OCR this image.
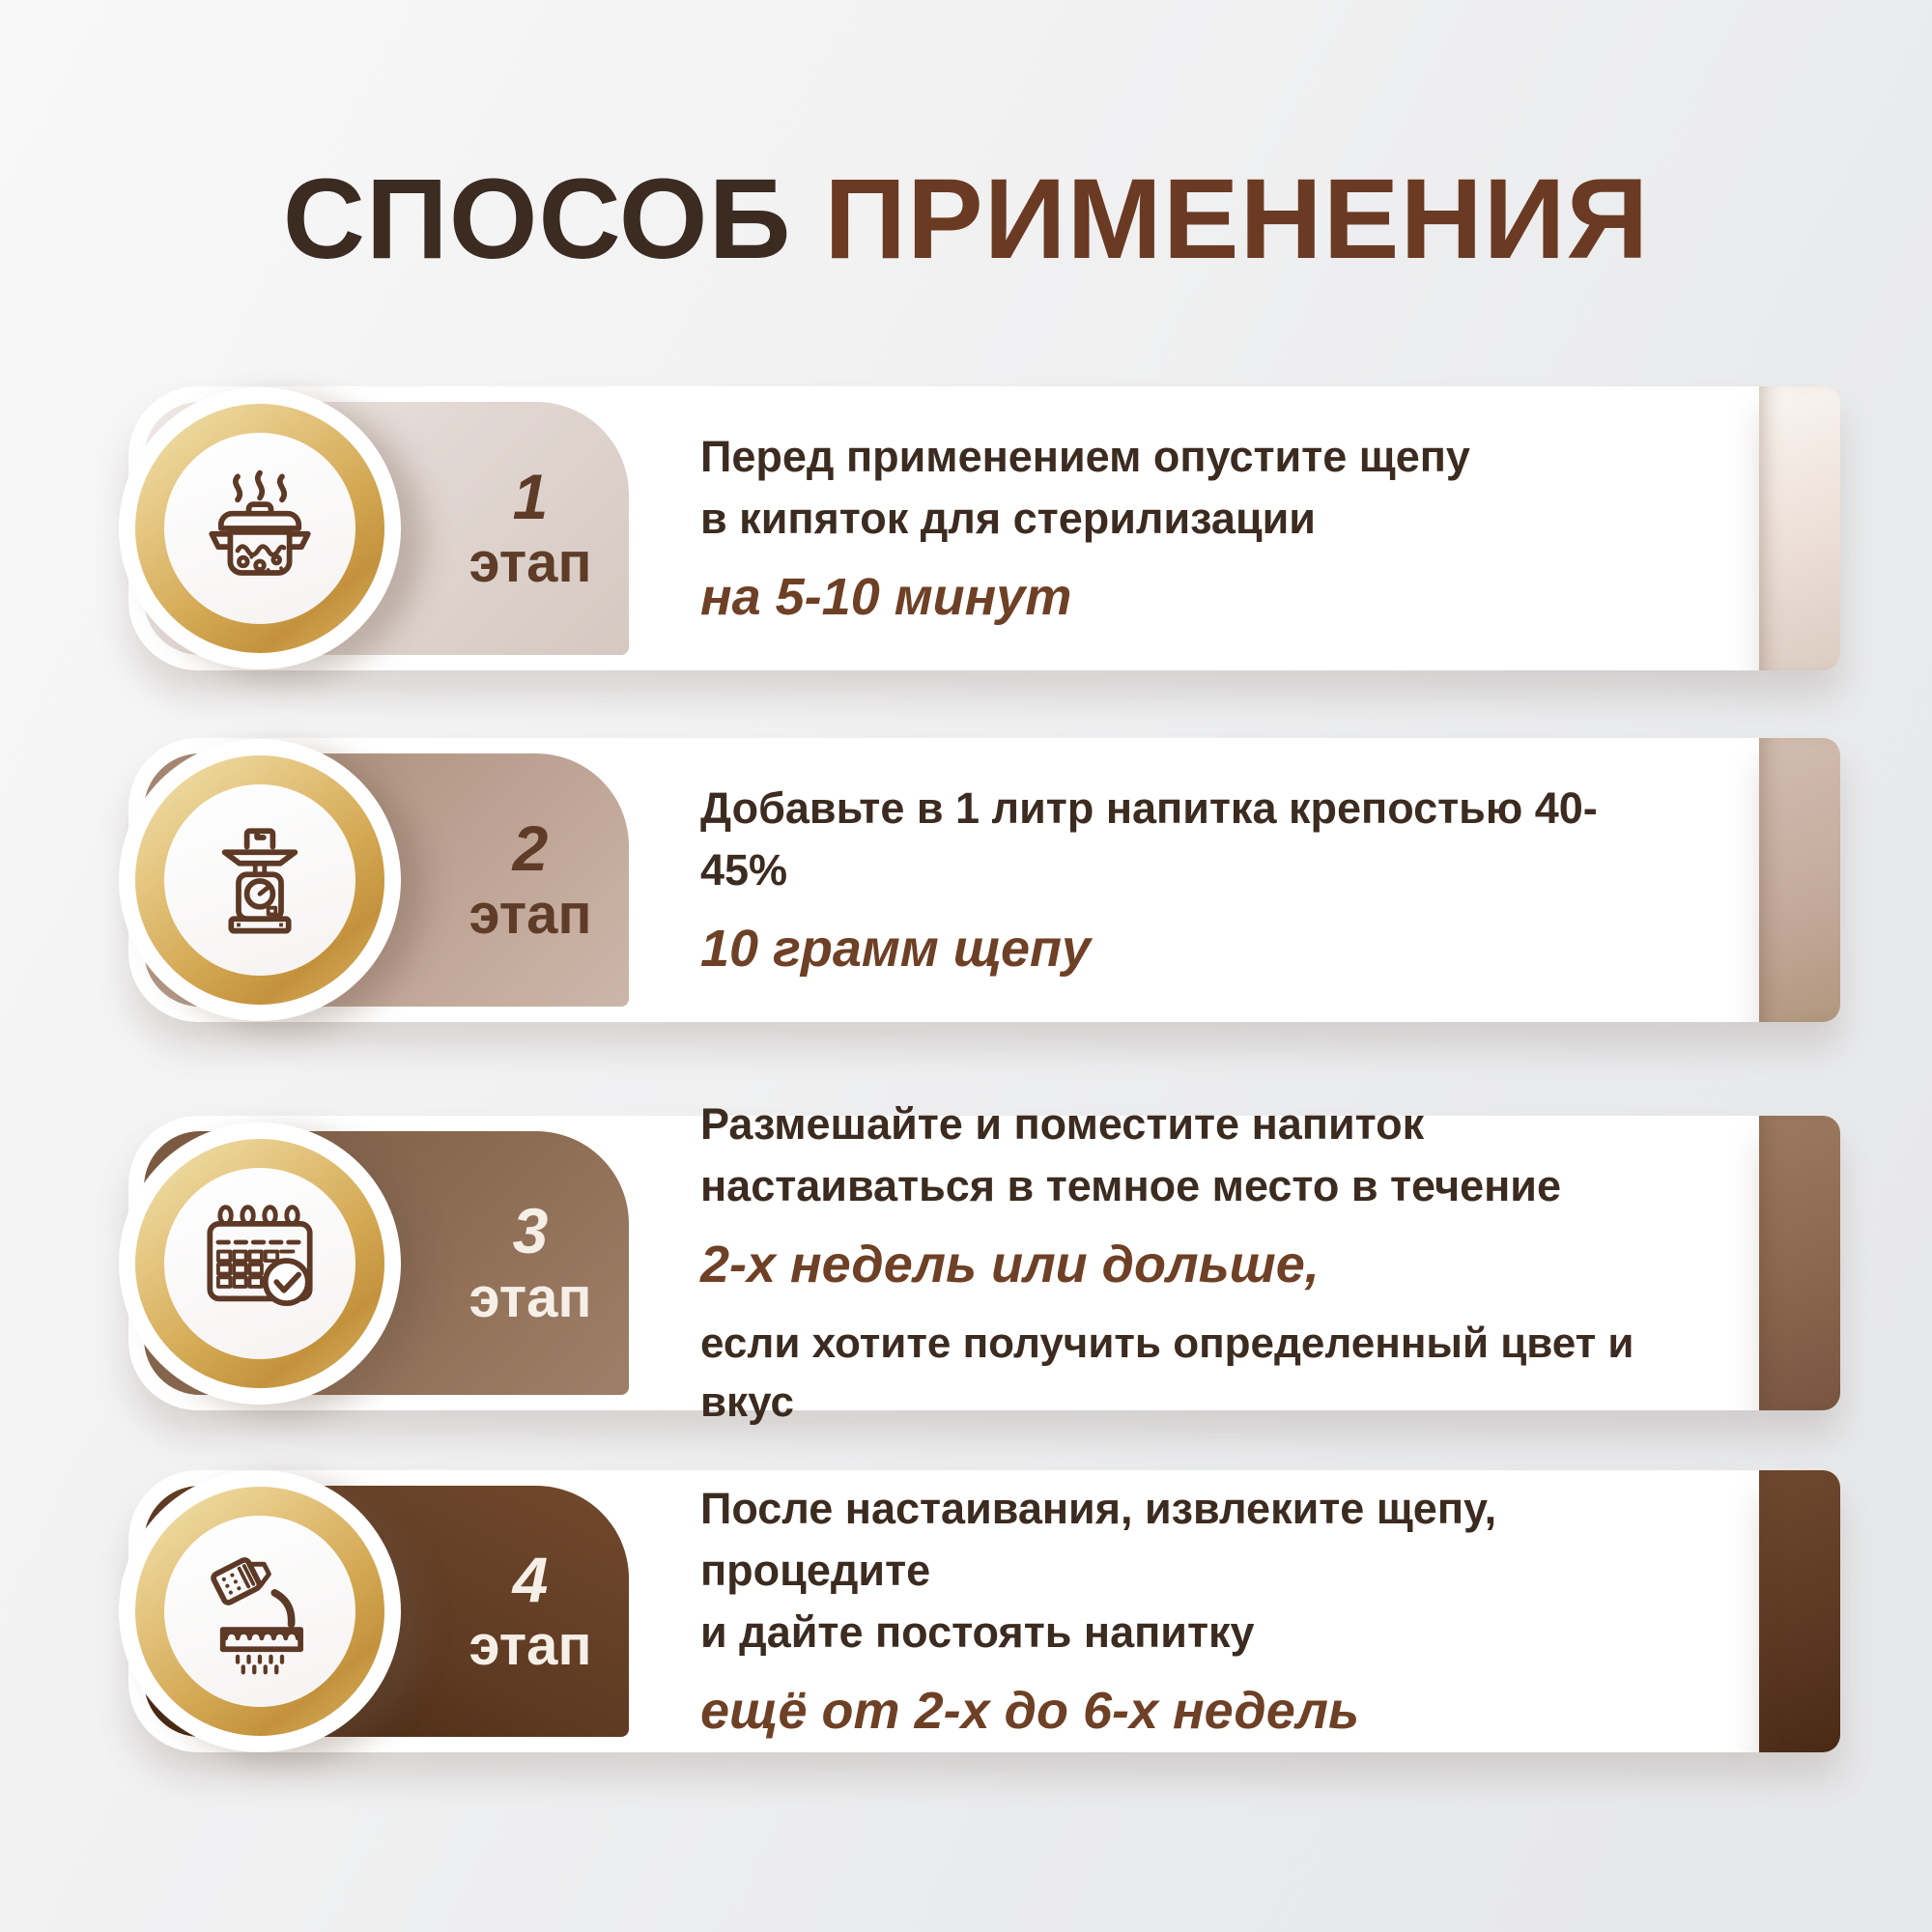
СПОСОБ ПРИМЕНЕНИЯ
1
этап

Перед применением опустите щепу

в кипяток для стерилизации

на 5-10 минут

2
этап

Добавьте в 1 литр напитка крепостью 40-45%

10 грамм щепу

3
этап

Размешайте и поместите напиток

настаиваться в темное место в течение

2-х недель или дольше,

если хотите получить определенный цвет и вкус

4
этап

После настаивания, извлеките щепу, процедите

и дайте постоять напитку

ещё от 2-х до 6-х недель
